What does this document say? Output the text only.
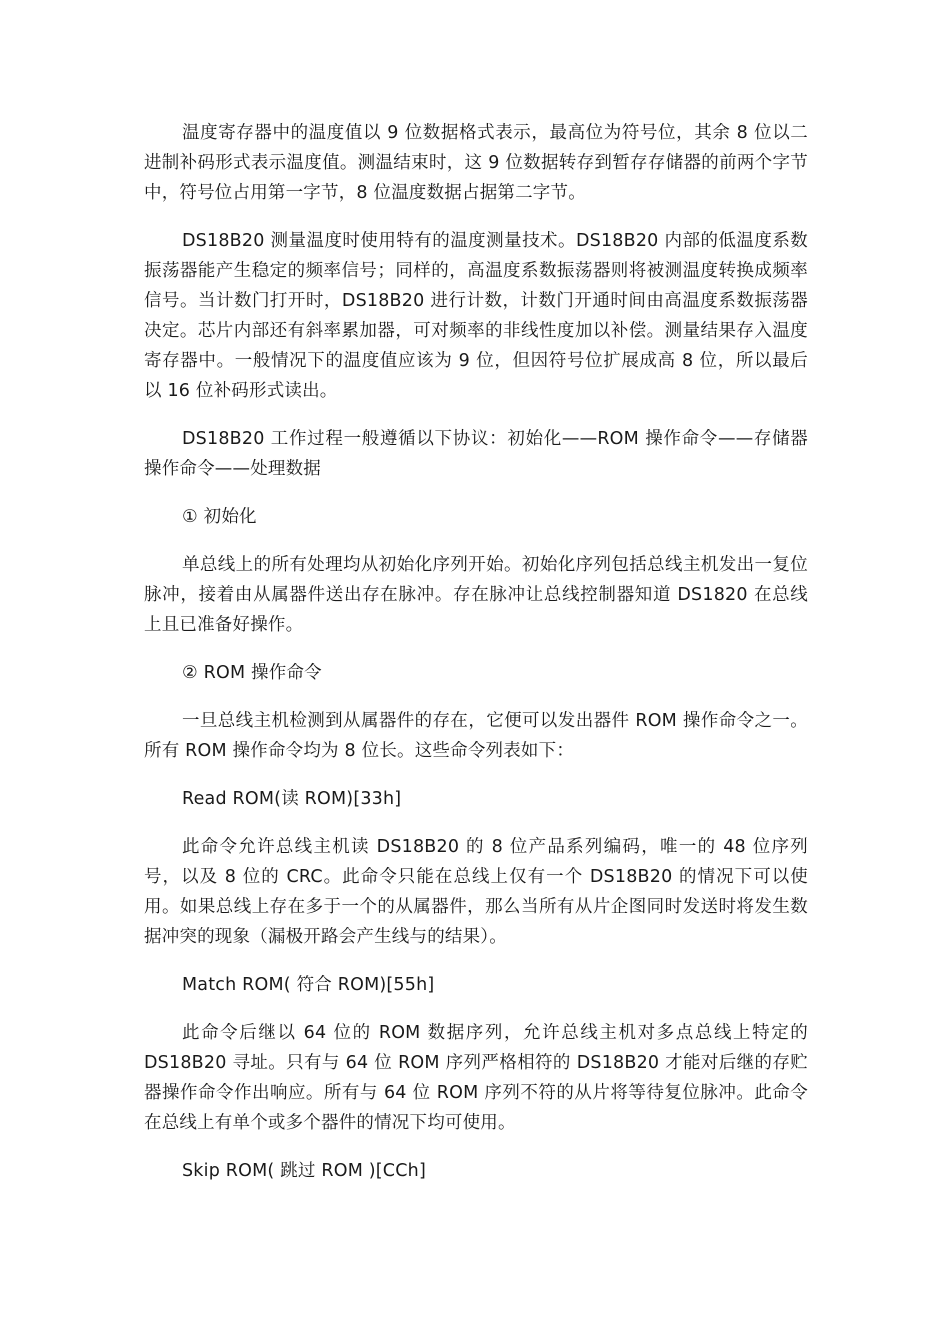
温度寄存器中的温度值以 9 位数据格式表示，最高位为符号位，其余 8 位以二进制补码形式表示温度值。测温结束时，这 9 位数据转存到暂存存储器的前两个字节中，符号位占用第一字节，8 位温度数据占据第二字节。

DS18B20 测量温度时使用特有的温度测量技术。DS18B20 内部的低温度系数振荡器能产生稳定的频率信号；同样的，高温度系数振荡器则将被测温度转换成频率信号。当计数门打开时，DS18B20 进行计数，计数门开通时间由高温度系数振荡器决定。芯片内部还有斜率累加器，可对频率的非线性度加以补偿。测量结果存入温度寄存器中。一般情况下的温度值应该为 9 位，但因符号位扩展成高 8 位，所以最后以 16 位补码形式读出。

DS18B20 工作过程一般遵循以下协议：初始化——ROM 操作命令——存储器操作命令——处理数据

① 初始化

单总线上的所有处理均从初始化序列开始。初始化序列包括总线主机发出一复位脉冲，接着由从属器件送出存在脉冲。存在脉冲让总线控制器知道 DS1820 在总线上且已准备好操作。

② ROM 操作命令

一旦总线主机检测到从属器件的存在，它便可以发出器件 ROM 操作命令之一。所有 ROM 操作命令均为 8 位长。这些命令列表如下：

Read ROM(读 ROM)[33h]

此命令允许总线主机读 DS18B20 的 8 位产品系列编码，唯一的 48 位序列号，以及 8 位的 CRC。此命令只能在总线上仅有一个 DS18B20 的情况下可以使用。如果总线上存在多于一个的从属器件，那么当所有从片企图同时发送时将发生数据冲突的现象（漏极开路会产生线与的结果）。

Match ROM( 符合 ROM)[55h]

此命令后继以 64 位的 ROM 数据序列，允许总线主机对多点总线上特定的 DS18B20 寻址。只有与 64 位 ROM 序列严格相符的 DS18B20 才能对后继的存贮器操作命令作出响应。所有与 64 位 ROM 序列不符的从片将等待复位脉冲。此命令在总线上有单个或多个器件的情况下均可使用。

Skip ROM( 跳过 ROM )[CCh]
